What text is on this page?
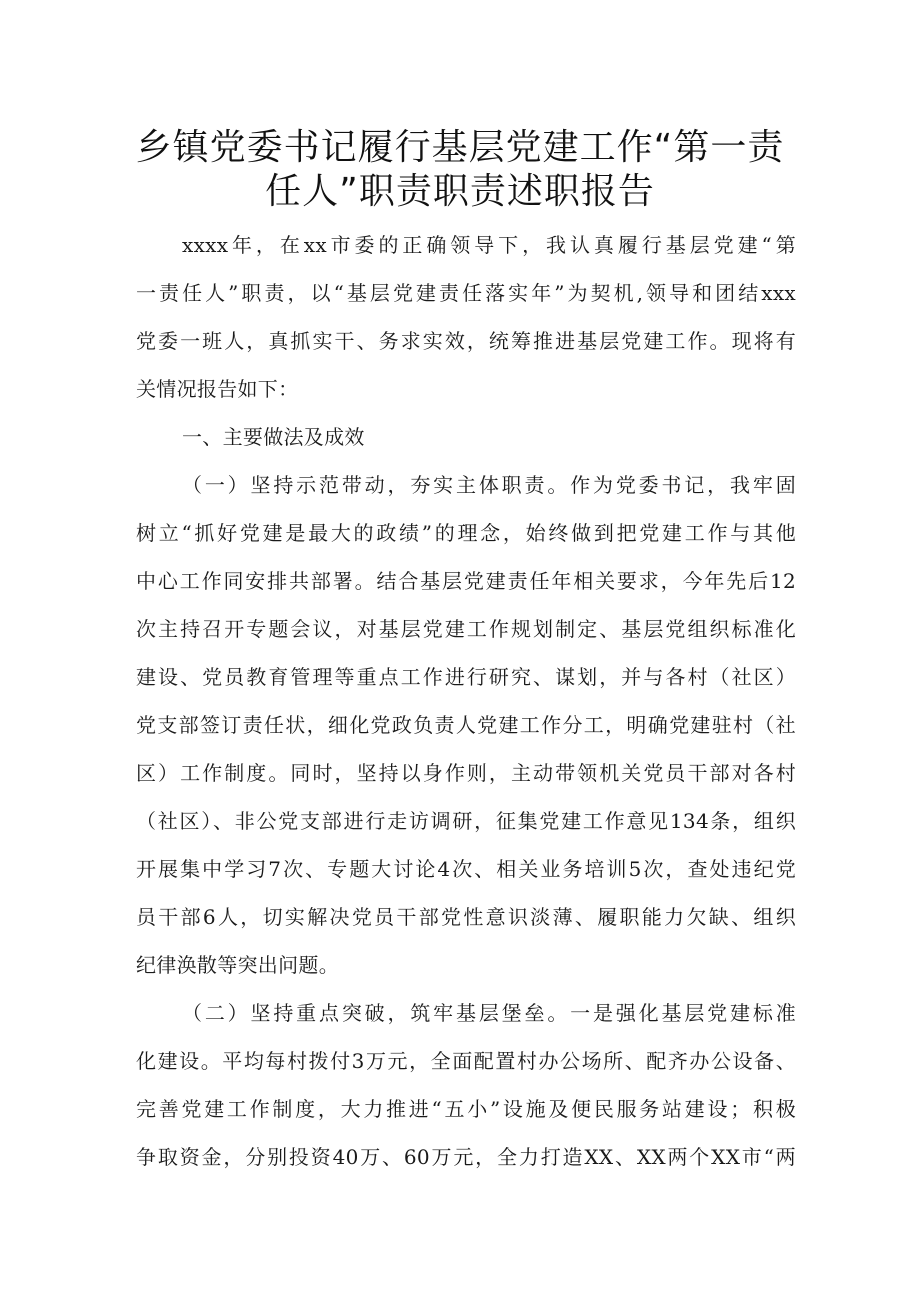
乡镇党委书记履行基层党建工作“第一责
任人”职责职责述职报告
xxxx年，在xx市委的正确领导下，我认真履行基层党建“第
一责任人”职责，以“基层党建责任落实年”为契机,领导和团结xxx
党委一班人，真抓实干、务求实效，统筹推进基层党建工作。现将有
关情况报告如下：
一、主要做法及成效
（一）坚持示范带动，夯实主体职责。作为党委书记，我牢固
树立“抓好党建是最大的政绩”的理念，始终做到把党建工作与其他
中心工作同安排共部署。结合基层党建责任年相关要求，今年先后12
次主持召开专题会议，对基层党建工作规划制定、基层党组织标准化
建设、党员教育管理等重点工作进行研究、谋划，并与各村（社区）
党支部签订责任状，细化党政负责人党建工作分工，明确党建驻村（社
区）工作制度。同时，坚持以身作则，主动带领机关党员干部对各村
（社区）、非公党支部进行走访调研，征集党建工作意见134条，组织
开展集中学习7次、专题大讨论4次、相关业务培训5次，查处违纪党
员干部6人，切实解决党员干部党性意识淡薄、履职能力欠缺、组织
纪律涣散等突出问题。
（二）坚持重点突破，筑牢基层堡垒。一是强化基层党建标准
化建设。平均每村拨付3万元，全面配置村办公场所、配齐办公设备、
完善党建工作制度，大力推进“五小”设施及便民服务站建设；积极
争取资金，分别投资40万、60万元，全力打造XX、XX两个XX市“两
